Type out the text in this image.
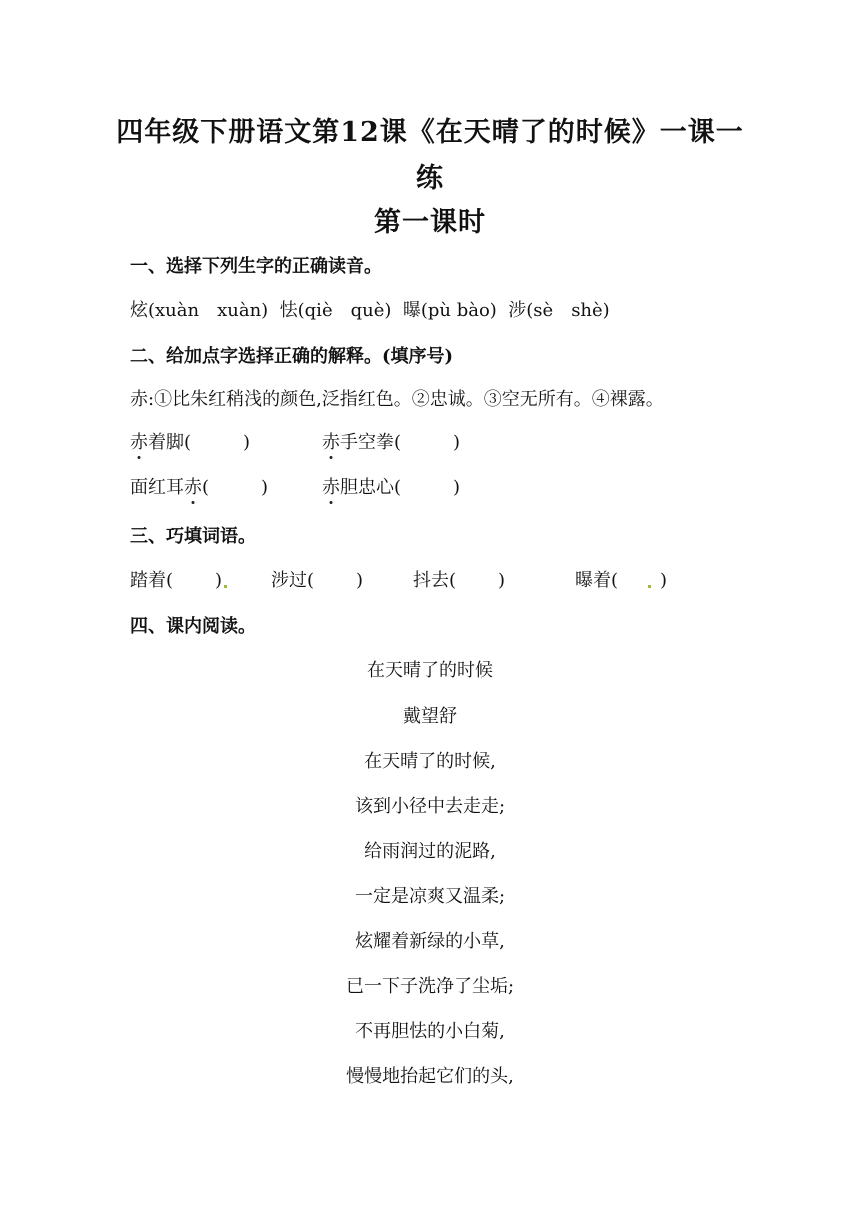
四年级下册语文第12课《在天晴了的时候》一课一
练
第一课时
一、选择下列生字的正确读音。
炫(xuàn　xuàn) 怯(qiè　què) 曝(pù bào) 涉(sè　shè)
二、给加点字选择正确的解释。(填序号)
赤:①比朱红稍浅的颜色,泛指红色。②忠诚。③空无所有。④裸露。
赤着脚(	)	赤手空拳(	)
面红耳赤(	)	赤胆忠心(	)
三、巧填词语。
踏着( )	涉过( )	抖去( )	曝着( )
四、课内阅读。
在天晴了的时候
戴望舒
在天晴了的时候,
该到小径中去走走;
给雨润过的泥路,
一定是凉爽又温柔;
炫耀着新绿的小草,
已一下子洗净了尘垢;
不再胆怯的小白菊,
慢慢地抬起它们的头,
